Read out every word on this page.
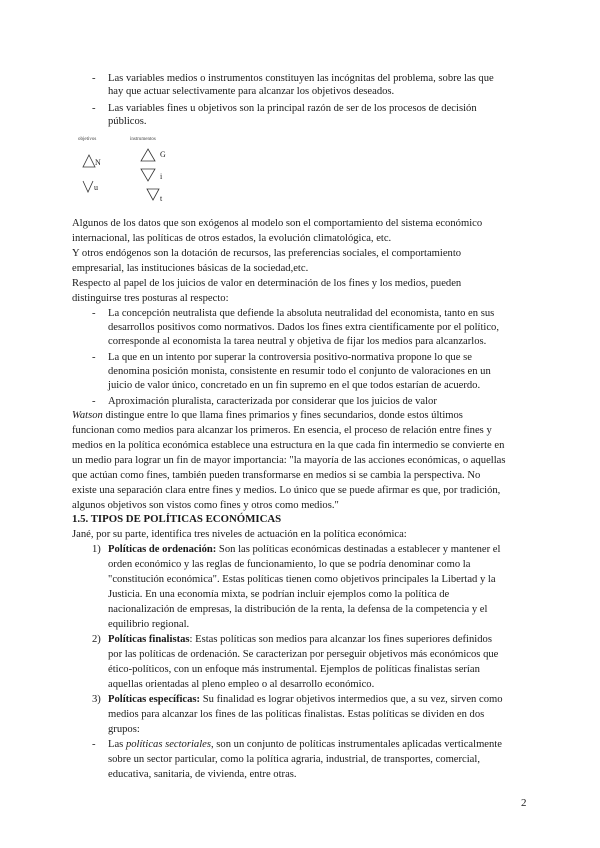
- Las variables medios o instrumentos constituyen las incógnitas del problema, sobre las que
hay que actuar selectivamente para alcanzar los objetivos deseados.
- Las variables fines u objetivos son la principal razón de ser de los procesos de decisión
públicos.
objetivos	instrumentos
N
u
G
i
t
Algunos de los datos que son exógenos al modelo son el comportamiento del sistema económico
internacional, las políticas de otros estados, la evolución climatológica, etc.
Y otros endógenos son la dotación de recursos, las preferencias sociales, el comportamiento
empresarial, las instituciones básicas de la sociedad,etc.
Respecto al papel de los juicios de valor en determinación de los fines y los medios, pueden
distinguirse tres posturas al respecto:
- La concepción neutralista que defiende la absoluta neutralidad del economista, tanto en sus
desarrollos positivos como normativos. Dados los fines extra científicamente por el político,
corresponde al economista la tarea neutral y objetiva de fijar los medios para alcanzarlos.
- La que en un intento por superar la controversia positivo-normativa propone lo que se
denomina posición monista, consistente en resumir todo el conjunto de valoraciones en un
juicio de valor único, concretado en un fin supremo en el que todos estarían de acuerdo.
- Aproximación pluralista, caracterizada por considerar que los juicios de valor
Watson distingue entre lo que llama fines primarios y fines secundarios, donde estos últimos
funcionan como medios para alcanzar los primeros. En esencia, el proceso de relación entre fines y
medios en la política económica establece una estructura en la que cada fin intermedio se convierte en
un medio para lograr un fin de mayor importancia: "la mayoría de las acciones económicas, o aquellas
que actúan como fines, también pueden transformarse en medios si se cambia la perspectiva. No
existe una separación clara entre fines y medios. Lo único que se puede afirmar es que, por tradición,
algunos objetivos son vistos como fines y otros como medios."
1.5. TIPOS DE POLÍTICAS ECONÓMICAS
Jané, por su parte, identifica tres niveles de actuación en la política económica:
1) Políticas de ordenación: Son las políticas económicas destinadas a establecer y mantener el
orden económico y las reglas de funcionamiento, lo que se podría denominar como la
"constitución económica". Estas políticas tienen como objetivos principales la Libertad y la
Justicia. En una economía mixta, se podrían incluir ejemplos como la política de
nacionalización de empresas, la distribución de la renta, la defensa de la competencia y el
equilibrio regional.
2) Políticas finalistas: Estas políticas son medios para alcanzar los fines superiores definidos
por las políticas de ordenación. Se caracterizan por perseguir objetivos más económicos que
ético-políticos, con un enfoque más instrumental. Ejemplos de políticas finalistas serían
aquellas orientadas al pleno empleo o al desarrollo económico.
3) Políticas específicas: Su finalidad es lograr objetivos intermedios que, a su vez, sirven como
medios para alcanzar los fines de las políticas finalistas. Estas políticas se dividen en dos
grupos:
- Las políticas sectoriales, son un conjunto de políticas instrumentales aplicadas verticalmente
sobre un sector particular, como la política agraria, industrial, de transportes, comercial,
educativa, sanitaria, de vivienda, entre otras.
2
